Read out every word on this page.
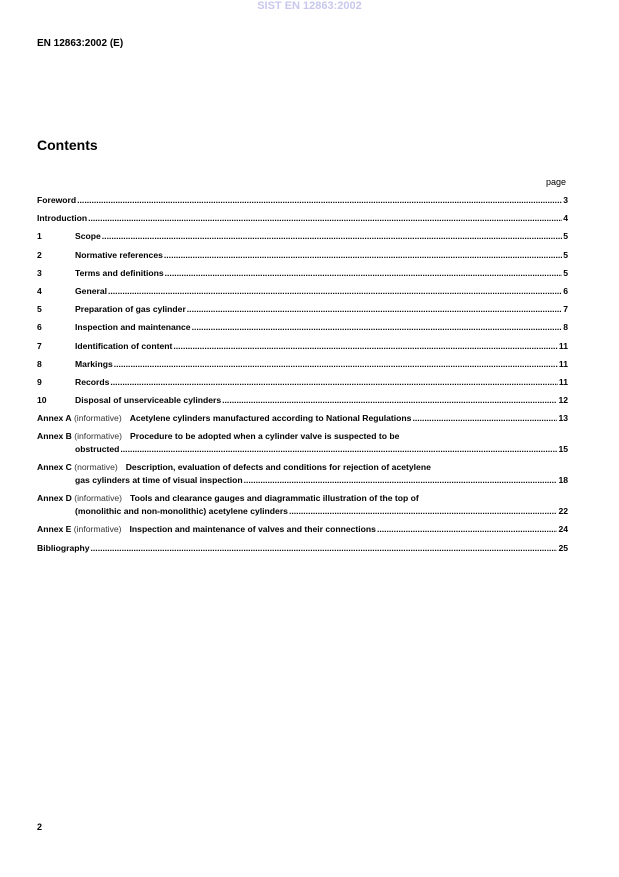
SIST EN 12863:2002
EN 12863:2002 (E)
Contents
page
Foreword .....	3
Introduction .....	4
1	Scope .....	5
2	Normative references .....	5
3	Terms and definitions .....	5
4	General .....	6
5	Preparation of gas cylinder .....	7
6	Inspection and maintenance .....	8
7	Identification of content .....	11
8	Markings .....	11
9	Records .....	11
10	Disposal of unserviceable cylinders .....	12
Annex A
(informative) Acetylene cylinders manufactured according to National Regulations .....	13
Annex B
(informative) Procedure to be adopted when a cylinder valve is suspected to be
obstructed .....	15
Annex C
(normative) Description, evaluation of defects and conditions for rejection of acetylene
gas cylinders at time of visual inspection .....	18
Annex D
(informative) Tools and clearance gauges and diagrammatic illustration of the top of
(monolithic and non-monolithic) acetylene cylinders .....	22
Annex E
(informative) Inspection and maintenance of valves and their connections .....	24
Bibliography .....	25
2
